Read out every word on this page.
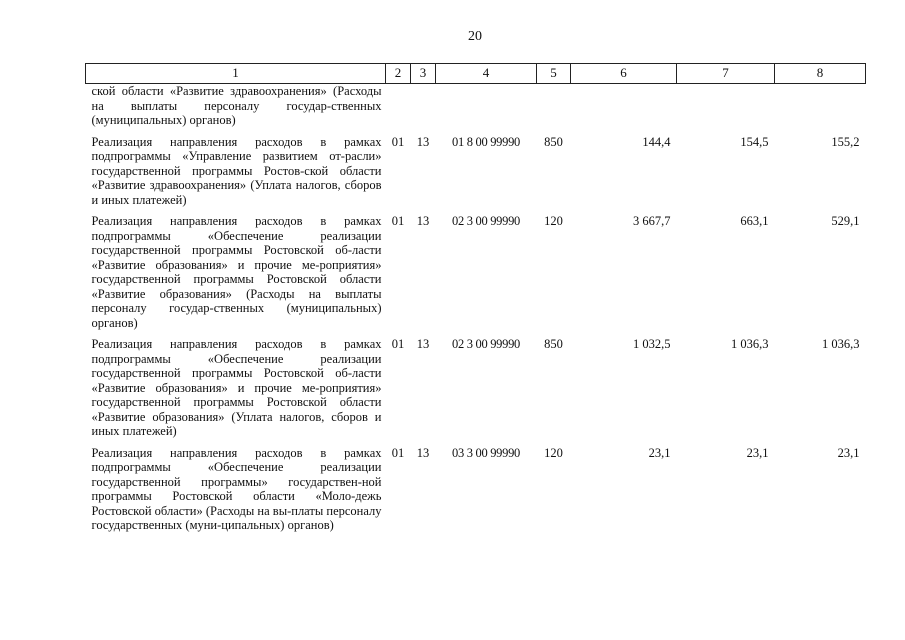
20
1	2	3	4	5	6	7	8
ской области «Развитие здравоохранения» (Расходы на выплаты персоналу государ-ственных (муниципальных) органов)							
Реализация направления расходов в рамках подпрограммы «Управление развитием от-расли» государственной программы Ростов-ской области «Развитие здравоохранения» (Уплата налогов, сборов и иных платежей)	01	13	01 8 00 99990	850	144,4	154,5	155,2
Реализация направления расходов в рамках подпрограммы «Обеспечение реализации государственной программы Ростовской об-ласти «Развитие образования» и прочие ме-роприятия» государственной программы Ростовской области «Развитие образования» (Расходы на выплаты персоналу государ-ственных (муниципальных) органов)	01	13	02 3 00 99990	120	3 667,7	663,1	529,1
Реализация направления расходов в рамках подпрограммы «Обеспечение реализации государственной программы Ростовской об-ласти «Развитие образования» и прочие ме-роприятия» государственной программы Ростовской области «Развитие образования» (Уплата налогов, сборов и иных платежей)	01	13	02 3 00 99990	850	1 032,5	1 036,3	1 036,3
Реализация направления расходов в рамках подпрограммы «Обеспечение реализации государственной программы» государствен-ной программы Ростовской области «Моло-дежь Ростовской области» (Расходы на вы-платы персоналу государственных (муни-ципальных) органов)	01	13	03 3 00 99990	120	23,1	23,1	23,1
